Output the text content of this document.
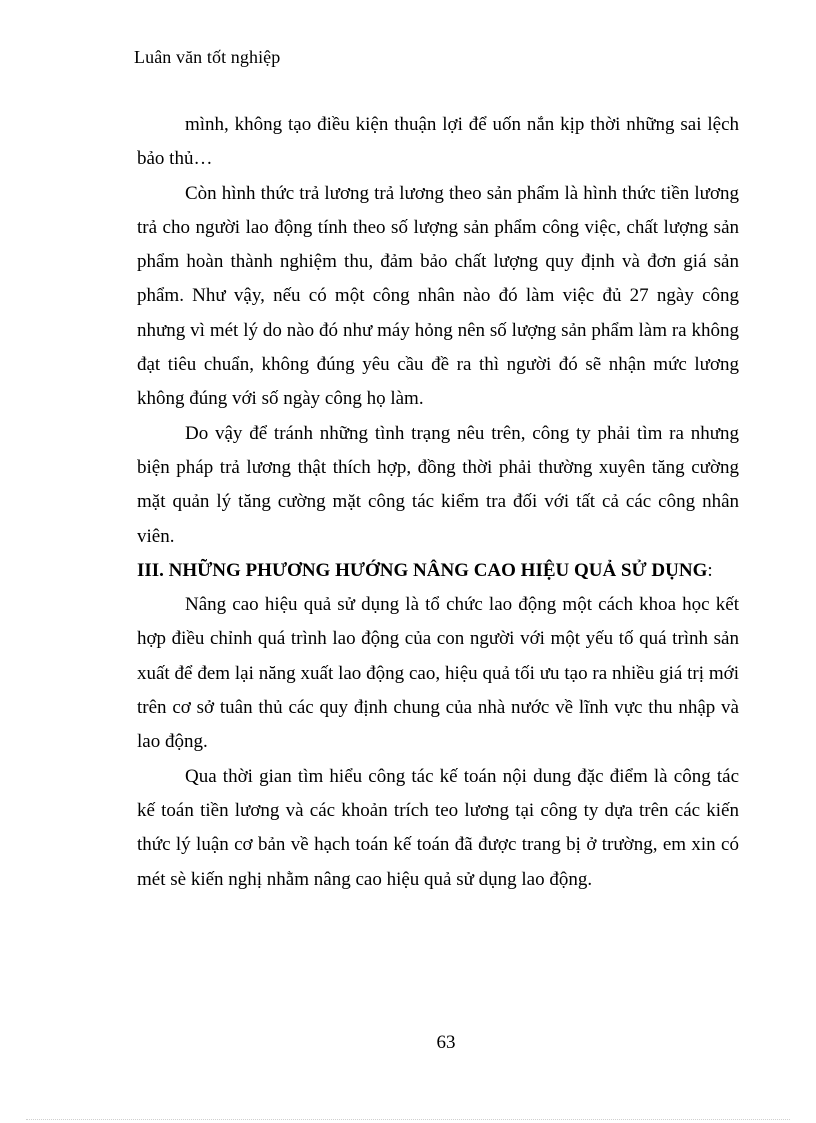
Luân văn tốt nghiệp

mình, không tạo điều kiện thuận lợi để uốn nắn kịp thời những sai lệch bảo thủ…

Còn hình thức trả lương trả lương theo sản phẩm là hình thức tiền lương trả cho người lao động tính theo số lượng sản phẩm công việc, chất lượng sản phẩm hoàn thành nghiệm thu, đảm bảo chất lượng quy định và đơn giá sản phẩm. Như vậy, nếu có một công nhân nào đó làm việc đủ 27 ngày công nhưng vì mét lý do nào đó như máy hỏng nên số lượng sản phẩm làm ra không đạt tiêu chuẩn, không đúng yêu cầu đề ra thì người đó sẽ nhận mức lương không đúng với số ngày công họ làm.

Do vậy để tránh những tình trạng nêu trên, công ty phải tìm ra nhưng biện pháp trả lương thật thích hợp, đồng thời phải thường xuyên tăng cường mặt quản lý tăng cường mặt công tác kiểm tra đối với tất cả các công nhân viên.

III. NHỮNG PHƯƠNG HƯỚNG NÂNG CAO HIỆU QUẢ SỬ DỤNG:

Nâng cao hiệu quả sử dụng là tổ chức lao động một cách khoa học kết hợp điều chỉnh quá trình lao động của con người với một yếu tố quá trình sản xuất để đem lại năng xuất lao động cao, hiệu quả tối ưu tạo ra nhiều giá trị mới trên cơ sở tuân thủ các quy định chung của nhà nước về lĩnh vực thu nhập và lao động.

Qua thời gian tìm hiểu công tác kế toán nội dung đặc điểm là công tác kế toán tiền lương và các khoản trích teo lương tại công ty dựa trên các kiến thức lý luận cơ bản về hạch toán kế toán đã được trang bị ở trường, em xin có mét sè kiến nghị nhằm nâng cao hiệu quả sử dụng lao động.

63
